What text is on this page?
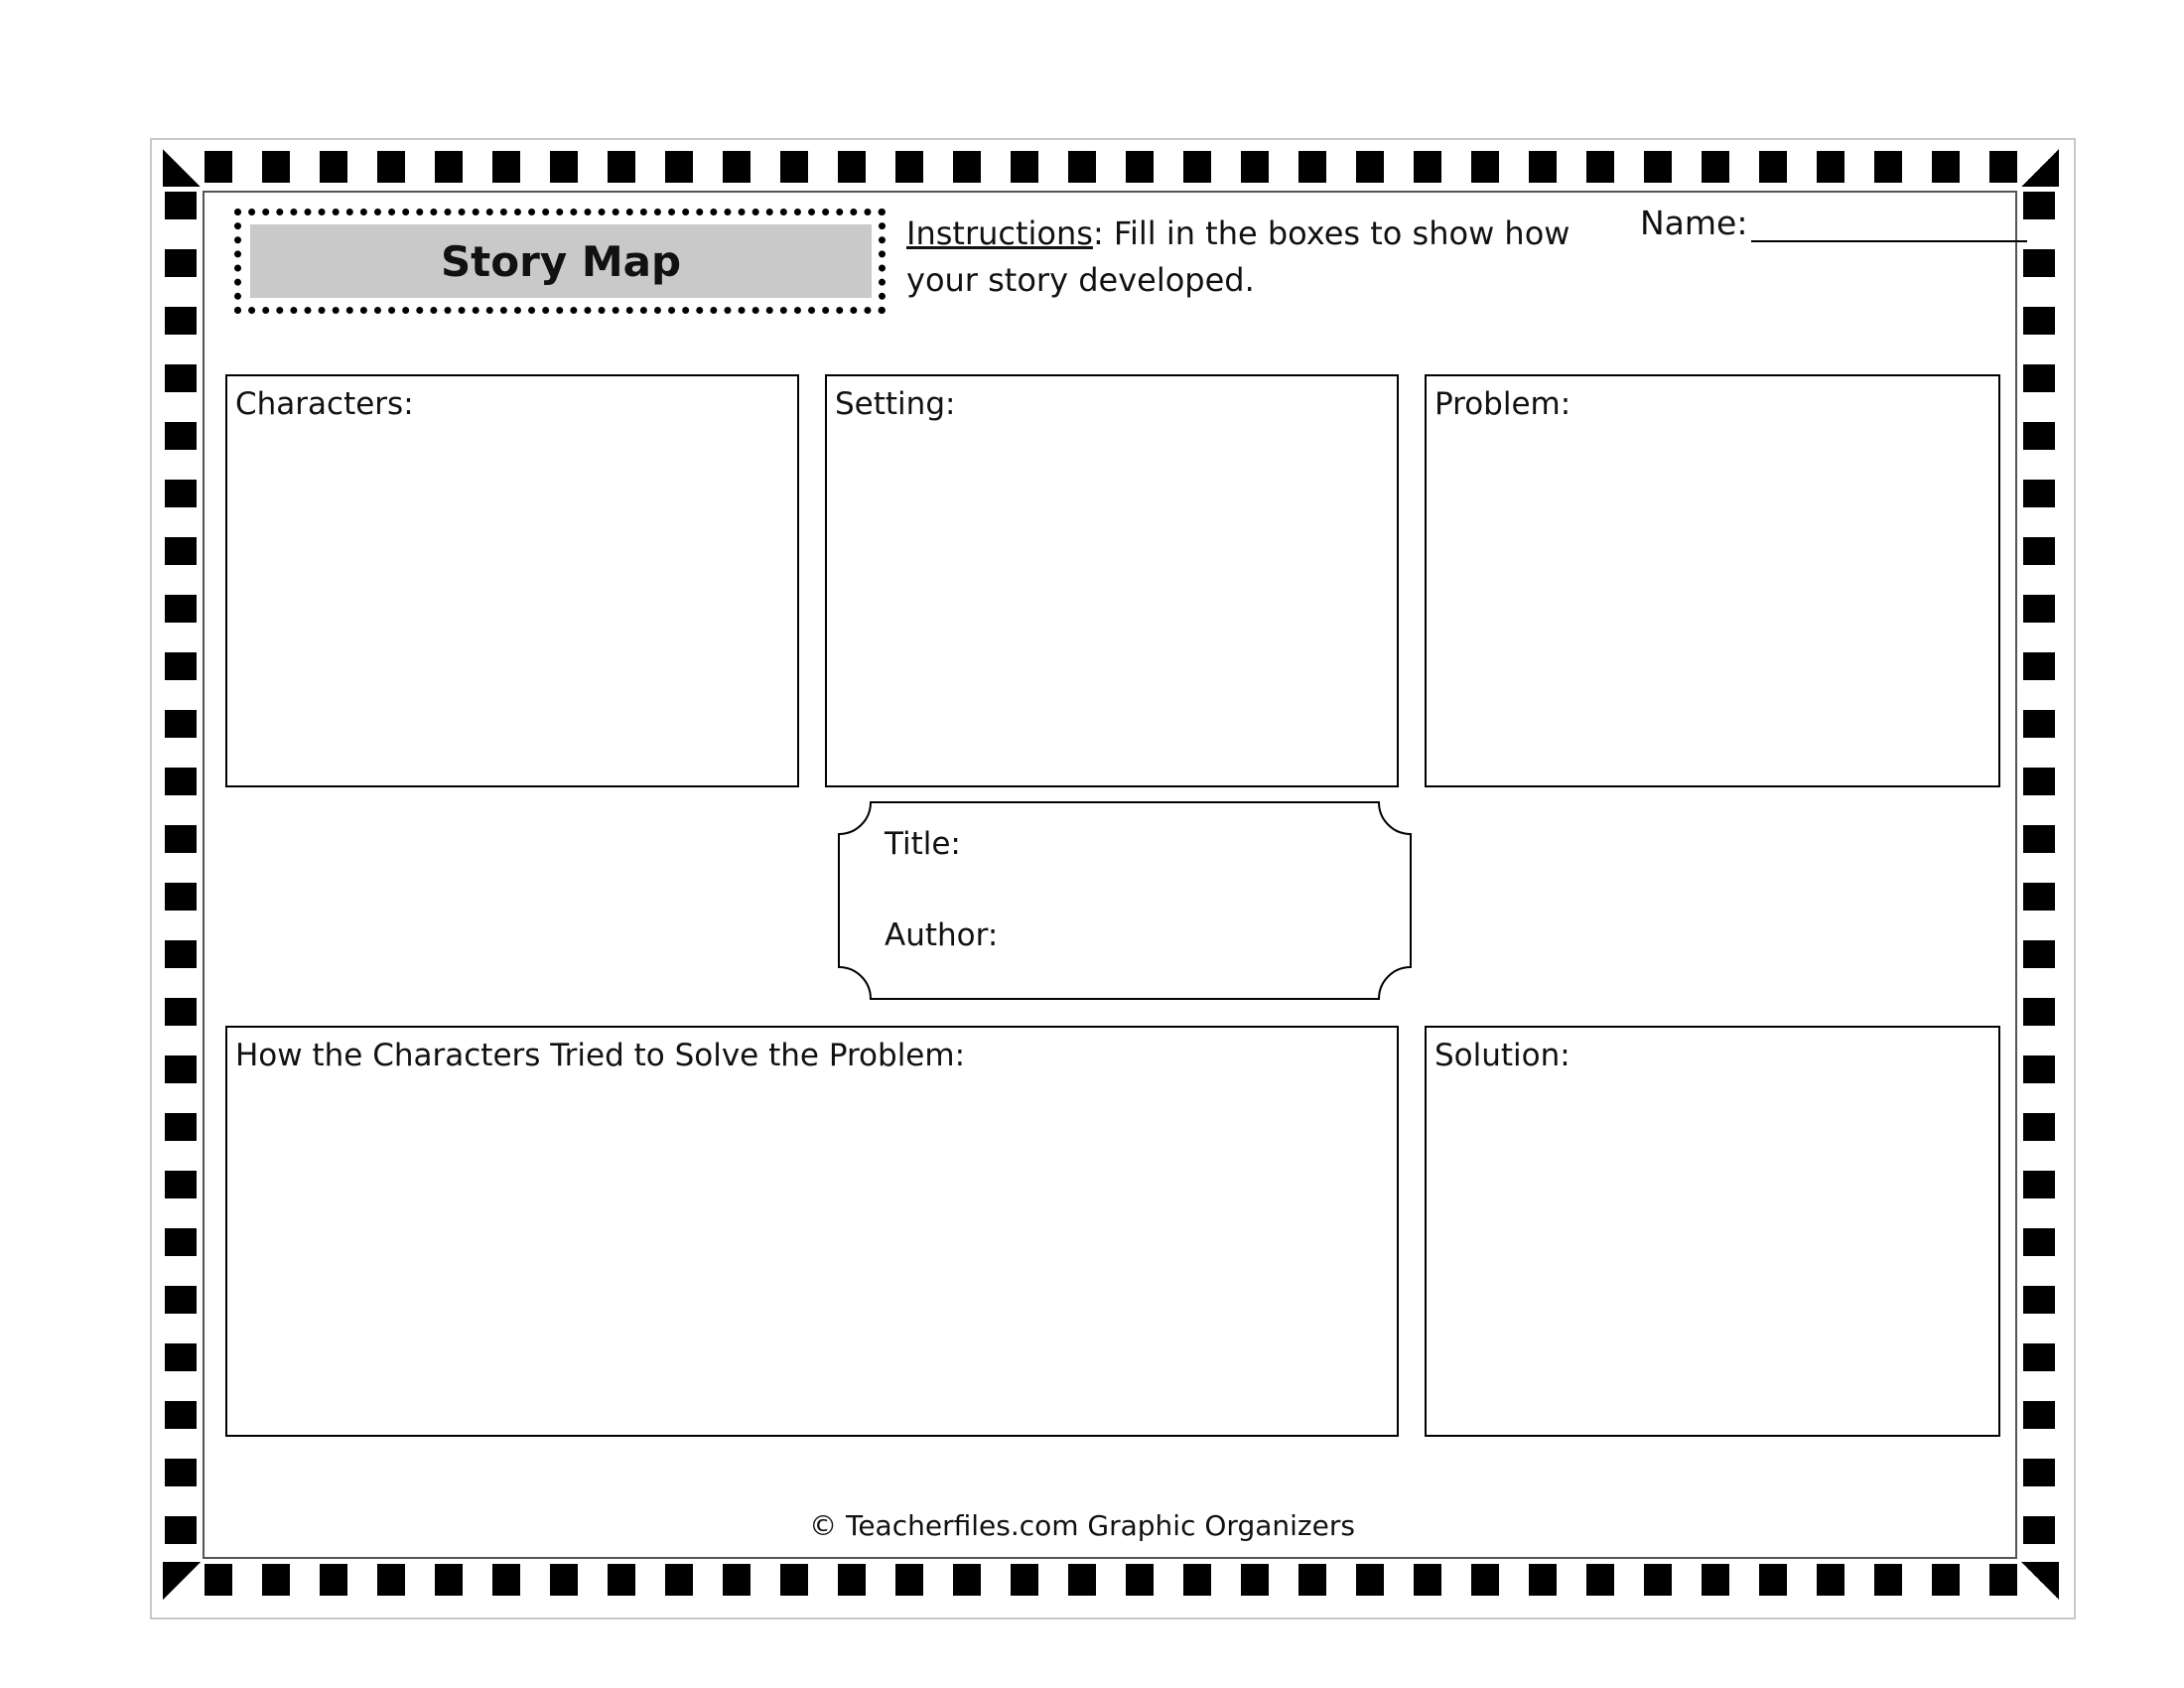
Story Map
Instructions: Fill in the boxes to show how your story developed.
Name:
Characters:	Setting:	Problem:
Title:
Author:
How the Characters Tried to Solve the Problem:	Solution:
© Teacherfiles.com Graphic Organizers
